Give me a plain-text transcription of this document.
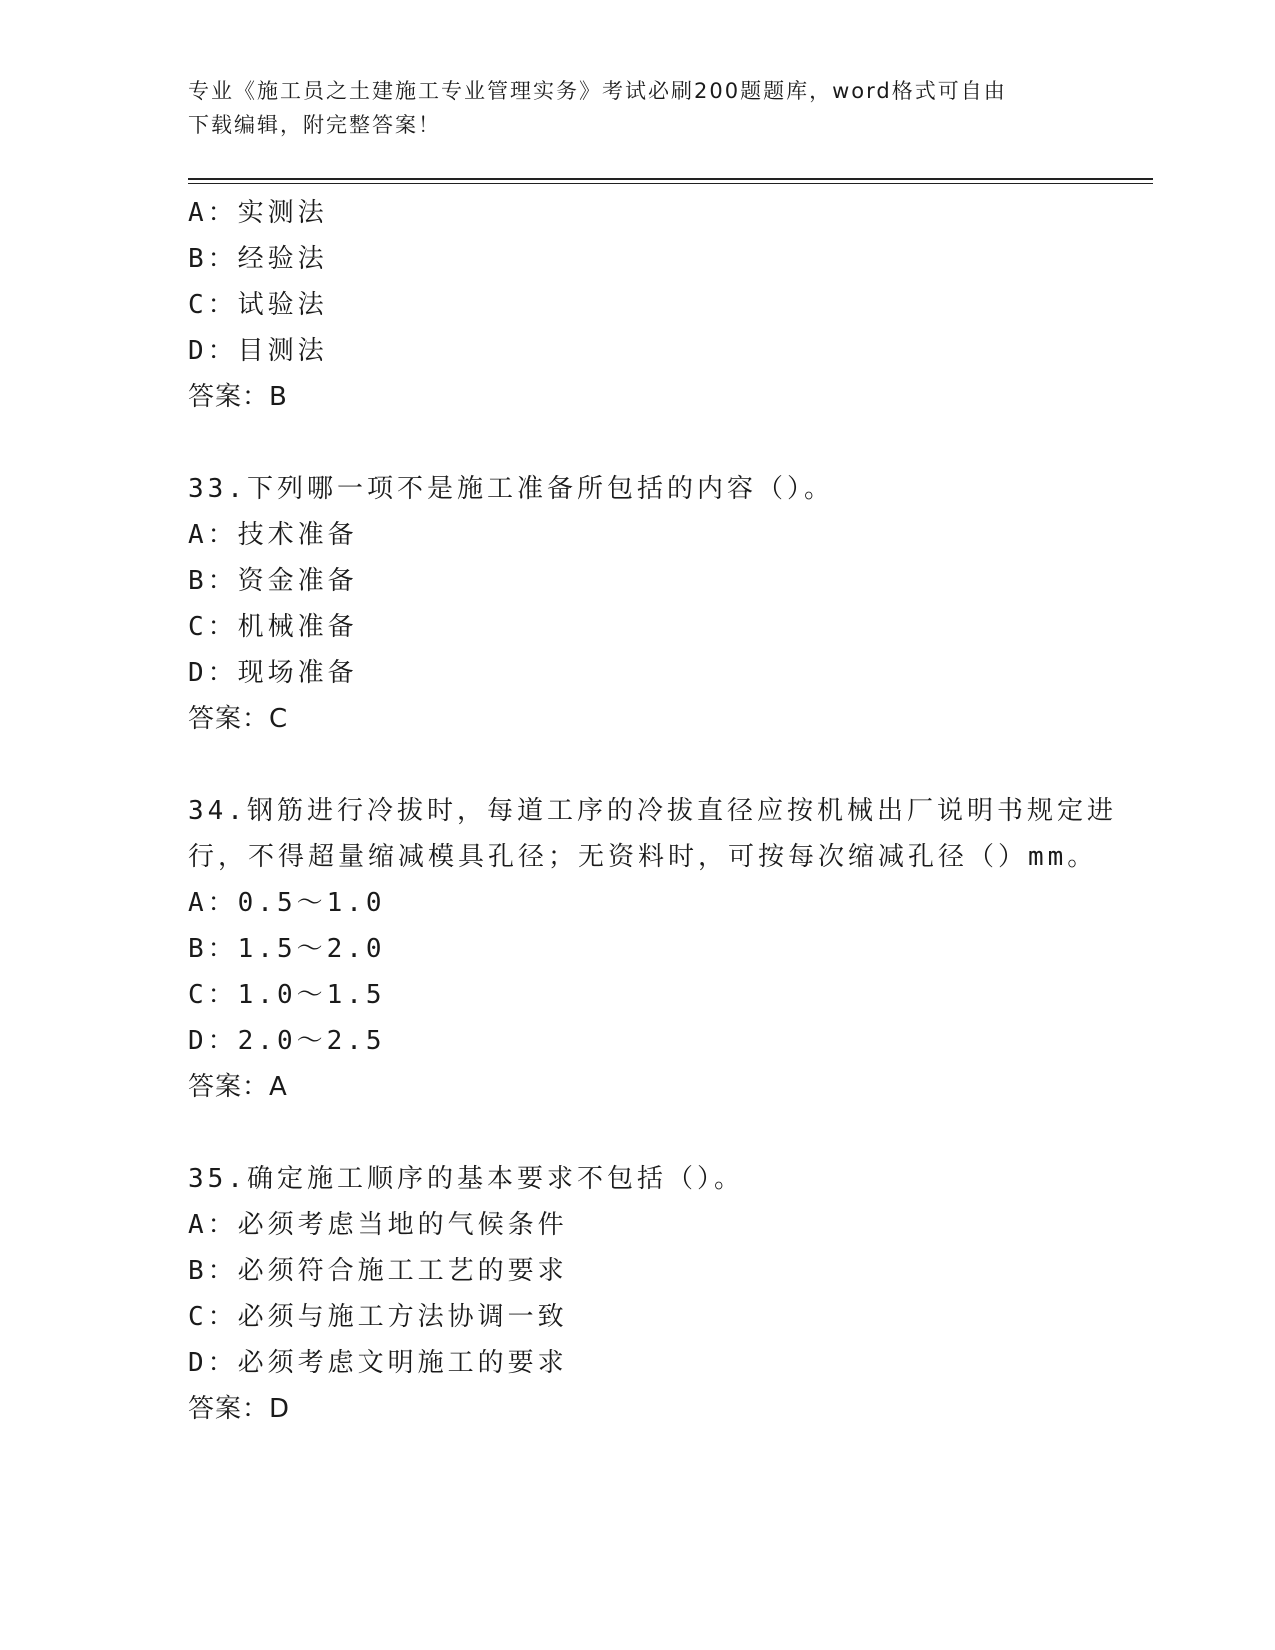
专业《施工员之土建施工专业管理实务》考试必刷200题题库，word格式可自由
下载编辑，附完整答案！
A：实测法
B：经验法
C：试验法
D：目测法
答案：B
33.下列哪一项不是施工准备所包括的内容（）。
A：技术准备
B：资金准备
C：机械准备
D：现场准备
答案：C
34.钢筋进行冷拔时，每道工序的冷拔直径应按机械出厂说明书规定进
行，不得超量缩减模具孔径；无资料时，可按每次缩减孔径（）mm。
A：0.5～1.0
B：1.5～2.0
C：1.0～1.5
D：2.0～2.5
答案：A
35.确定施工顺序的基本要求不包括（）。
A：必须考虑当地的气候条件
B：必须符合施工工艺的要求
C：必须与施工方法协调一致
D：必须考虑文明施工的要求
答案：D
